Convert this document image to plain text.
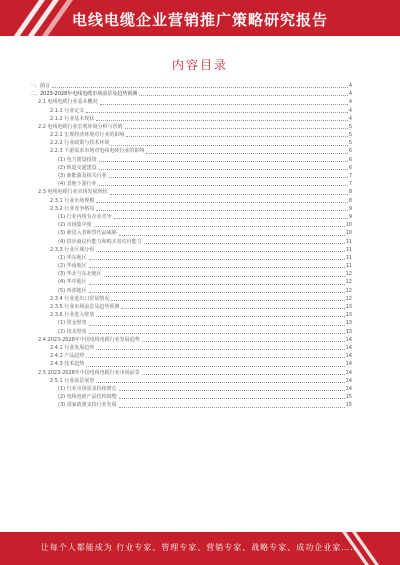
电线电缆企业营销推广策略研究报告
内容目录
一、前言	4
二、2023-2028年电线电缆市场前景及趋势预测	4
2.1 电线电缆行业基本概况	4
2.1.1 行业定义	4
2.1.2 行业基本现状	4
2.2 电线电缆行业宏观环境分析与营销	5
2.2.1 宏观经济环境对行业的影响	5
2.2.2 行业政策与技术环境	5
2.2.3 下游需求市场对电线电缆行业的影响	6
(1) 电力建设投资	6
(2) 轨道交通建设	6
(3) 新能源及相关行业	7
(4) 其他下游行业	7
2.3 电线电缆行业市场发展现状	8
2.3.1 行业市场规模	8
2.3.2 行业竞争格局	9
(1) 行业内现有企业竞争	9
(2) 市场集中度	10
(3) 新进入者和替代品威胁	10
(4) 供应商议价能力和购买者议价能力	11
2.3.3 行业区域分布	11
(1) 华东地区	11
(2) 华南地区	11
(3) 华北与东北地区	12
(4) 华中地区	12
(5) 西部地区	12
2.3.4 行业进出口贸易情况	12
2.3.5 行业市场前景及趋势预测	13
2.3.6 行业进入壁垒	13
(1) 资金壁垒	13
(2) 技术壁垒	13
2.4 2023-2028年中国电线电缆行业发展趋势	14
2.4.1 行业发展趋势	14
2.4.2 产品趋势	14
2.4.3 技术趋势	14
2.5 2023-2028年中国电线电缆行业市场前景	14
2.5.1 行业前景展望	14
(1) 行业市场需求持续增长	14
(2) 电线电缆产品结构调整	15
(3) 国家政策支持行业发展	15
让每个人都能成为 行业专家、管理专家、营销专家、战略专家、成功企业家……
